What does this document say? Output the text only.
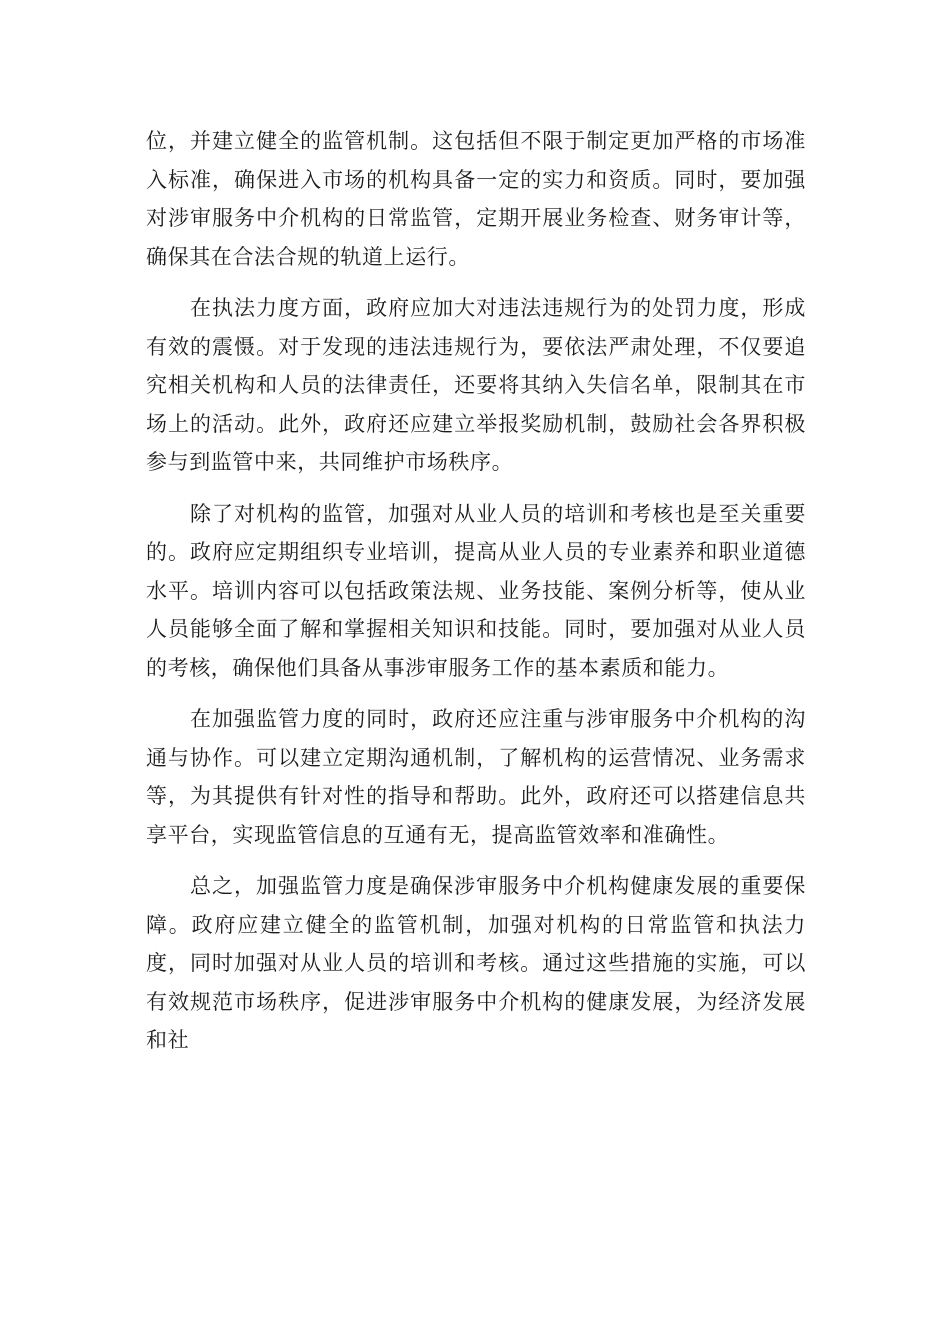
位，并建立健全的监管机制。这包括但不限于制定更加严格的市场准入标准，确保进入市场的机构具备一定的实力和资质。同时，要加强对涉审服务中介机构的日常监管，定期开展业务检查、财务审计等，确保其在合法合规的轨道上运行。

在执法力度方面，政府应加大对违法违规行为的处罚力度，形成有效的震慑。对于发现的违法违规行为，要依法严肃处理，不仅要追究相关机构和人员的法律责任，还要将其纳入失信名单，限制其在市场上的活动。此外，政府还应建立举报奖励机制，鼓励社会各界积极参与到监管中来，共同维护市场秩序。

除了对机构的监管，加强对从业人员的培训和考核也是至关重要的。政府应定期组织专业培训，提高从业人员的专业素养和职业道德水平。培训内容可以包括政策法规、业务技能、案例分析等，使从业人员能够全面了解和掌握相关知识和技能。同时，要加强对从业人员的考核，确保他们具备从事涉审服务工作的基本素质和能力。

在加强监管力度的同时，政府还应注重与涉审服务中介机构的沟通与协作。可以建立定期沟通机制，了解机构的运营情况、业务需求等，为其提供有针对性的指导和帮助。此外，政府还可以搭建信息共享平台，实现监管信息的互通有无，提高监管效率和准确性。

总之，加强监管力度是确保涉审服务中介机构健康发展的重要保障。政府应建立健全的监管机制，加强对机构的日常监管和执法力度，同时加强对从业人员的培训和考核。通过这些措施的实施，可以有效规范市场秩序，促进涉审服务中介机构的健康发展，为经济发展和社
